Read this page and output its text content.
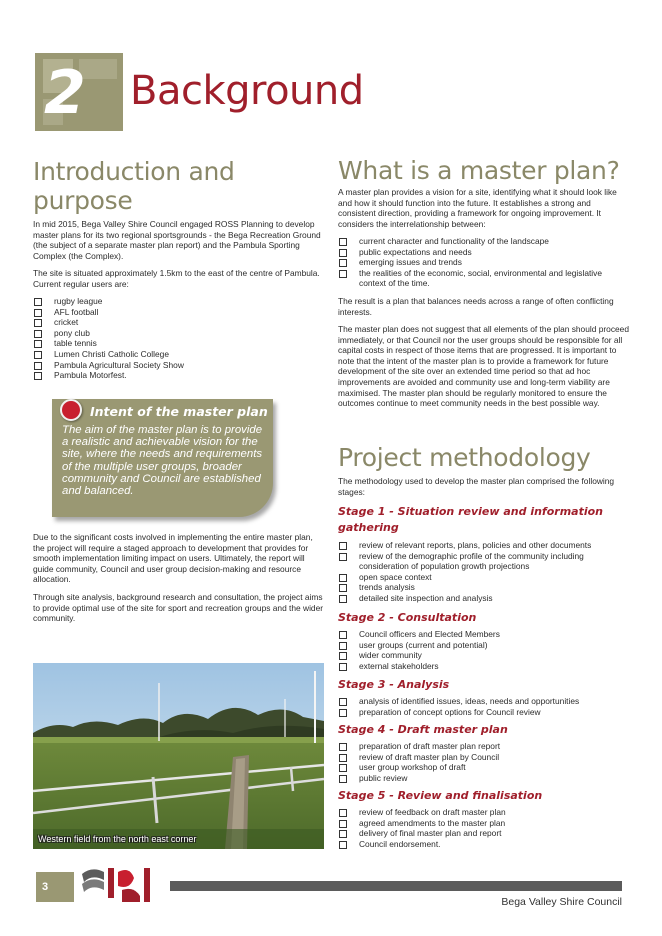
2	Background
Introduction and
purpose

In mid 2015, Bega Valley Shire Council engaged ROSS Planning to develop master plans for its two regional sportsgrounds - the Bega Recreation Ground (the subject of a separate master plan report) and the Pambula Sporting Complex (the Complex).

The site is situated approximately 1.5km to the east of the centre of Pambula. Current regular users are:

rugby league
AFL football
cricket
pony club
table tennis
Lumen Christi Catholic College
Pambula Agricultural Society Show
Pambula Motorfest.
Intent of the master plan

The aim of the master plan is to provide a realistic and achievable vision for the site, where the needs and requirements of the multiple user groups, broader community and Council are established and balanced.

Due to the significant costs involved in implementing the entire master plan, the project will require a staged approach to development that provides for smooth implementation limiting impact on users. Ultimately, the report will guide community, Council and user group decision-making and resource allocation.

Through site analysis, background research and consultation, the project aims to provide optimal use of the site for sport and recreation groups and the wider community.

Western field from the north east corner
What is a master plan?

A master plan provides a vision for a site, identifying what it should look like and how it should function into the future. It establishes a strong and consistent direction, providing a framework for ongoing improvement. It considers the interrelationship between:

current character and functionality of the landscape
public expectations and needs
emerging issues and trends
the realities of the economic, social, environmental and legislative context of the time.

The result is a plan that balances needs across a range of often conflicting interests.

The master plan does not suggest that all elements of the plan should proceed immediately, or that Council nor the user groups should be responsible for all capital costs in respect of those items that are progressed. It is important to note that the intent of the master plan is to provide a framework for future development of the site over an extended time period so that ad hoc improvements are avoided and community use and long-term viability are maximised. The master plan should be regularly monitored to ensure the outcomes continue to meet community needs in the best possible way.

Project methodology

The methodology used to develop the master plan comprised the following stages:

Stage 1 - Situation review and information
gathering
review of relevant reports, plans, policies and other documents
review of the demographic profile of the community including consideration of population growth projections
open space context
trends analysis
detailed site inspection and analysis
Stage 2 - Consultation
Council officers and Elected Members
user groups (current and potential)
wider community
external stakeholders
Stage 3 - Analysis
analysis of identified issues, ideas, needs and opportunities
preparation of concept options for Council review
Stage 4 - Draft master plan
preparation of draft master plan report
review of draft master plan by Council
user group workshop of draft
public review
Stage 5 - Review and finalisation
review of feedback on draft master plan
agreed amendments to the master plan
delivery of final master plan and report
Council endorsement.
3
Bega Valley Shire Council
